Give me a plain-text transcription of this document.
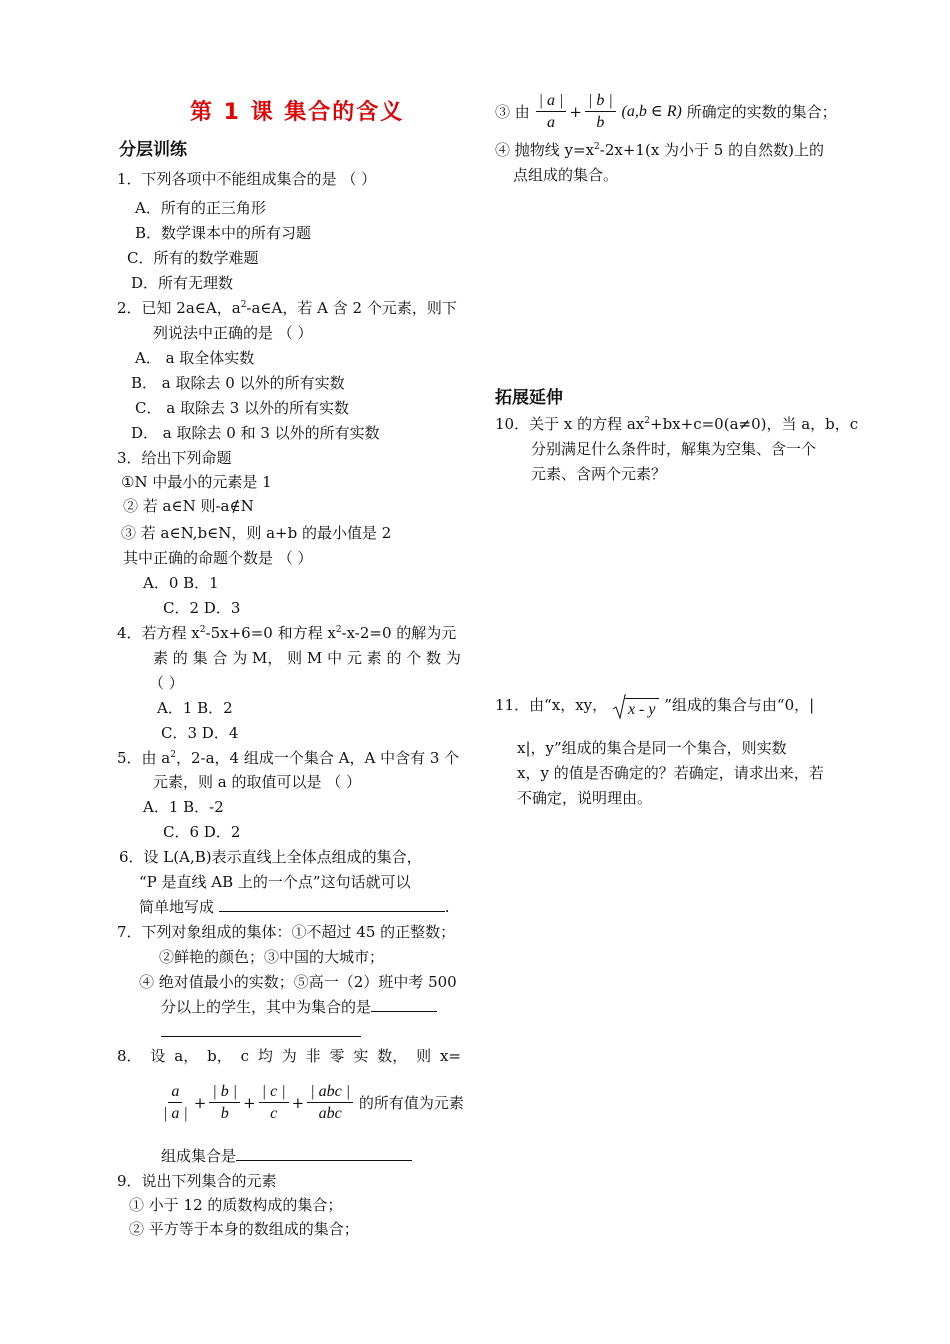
第 1 课 集合的含义
分层训练
1．下列各项中不能组成集合的是 （ ）
A．所有的正三角形
B．数学课本中的所有习题
C．所有的数学难题
D．所有无理数
2．已知 2a∈A，$a^2-a\in A$，若 A 含 2 个元素，则下
列说法中正确的是 （ ）
A． a 取全体实数
B． a 取除去 0 以外的所有实数
C． a 取除去 3 以外的所有实数
D． a 取除去 0 和 3 以外的所有实数
3．给出下列命题
①N 中最小的元素是 1
② 若 a∈N 则-a∉N
③ 若 a∈N,b∈N，则 a+b 的最小值是 2
其中正确的命题个数是 （ ）
A．0 B．1
C．2 D．3
4．若方程 $x^2-5x+6=0$ 和方程 $x^2-x-2=0$ 的解为元
素 的 集 合 为 M， 则 M 中 元 素 的 个 数 为
（ ）
A．1 B．2
C．3 D．4
5．由 $a^2$，2-a，4 组成一个集合 A，A 中含有 3 个
元素，则 a 的取值可以是 （ ）
A．1 B．-2
C．6 D．2
6．设 L(A,B)表示直线上全体点组成的集合，
“P 是直线 AB 上的一个点”这句话就可以
简单地写成	.
7．下列对象组成的集体：①不超过 45 的正整数；
②鲜艳的颜色；③中国的大城市；
④ 绝对值最小的实数；⑤高一（2）班中考 500
分以上的学生，其中为集合的是
8． 设 a， b， c 均 为 非 零 实 数， 则 x=
$\frac{a}{| a |} + \frac{| b |}{b} + \frac{| c |}{c} + \frac{\text{| abc |}}{\text{abc}}$ 的所有值为元素
组成集合是
9．说出下列集合的元素
① 小于 12 的质数构成的集合；
② 平方等于本身的数组成的集合；
③ 由 $\frac{| a |}{a} + \frac{| b |}{b} (a,b$ ∈ R) 所确定的实数的集合；
④ 抛物线 $y=x^2-2x+1(x$ 为小于 5 的自然数)上的
点组成的集合。
拓展延伸
10．关于 x 的方程 $ax^2+bx+c=0(a\ne 0)$，当 a，b，c
分别满足什么条件时，解集为空集、含一个
元素、含两个元素？
11．由“x，xy， x - y ”组成的集合与由“0，|
x|，y”组成的集合是同一个集合，则实数
x，y 的值是否确定的？若确定，请求出来，若
不确定，说明理由。
